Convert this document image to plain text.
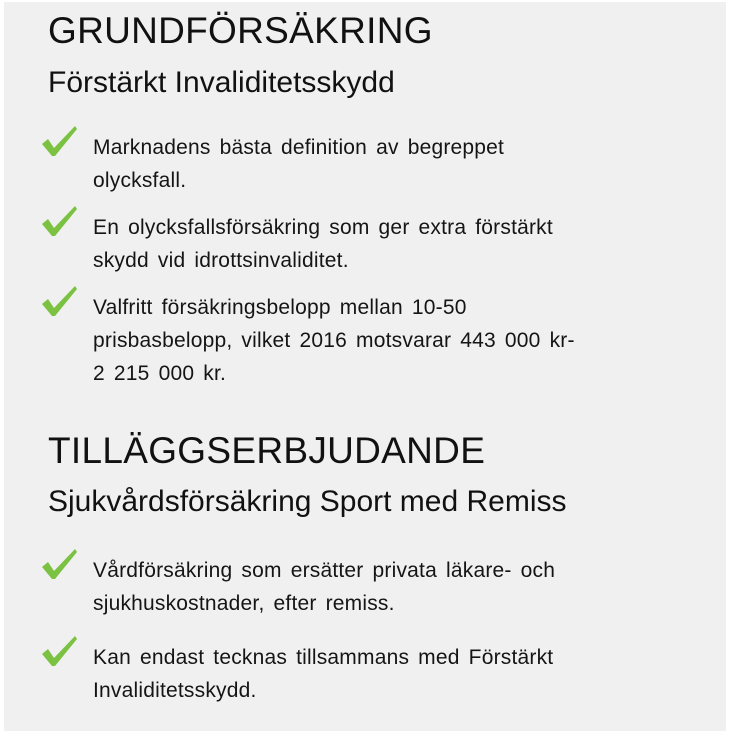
GRUNDFÖRSÄKRING
Förstärkt Invaliditetsskydd

Marknadens bästa definition av begreppet
olycksfall.

En olycksfallsförsäkring som ger extra förstärkt
skydd vid idrottsinvaliditet.

Valfritt försäkringsbelopp mellan 10-50
prisbasbelopp, vilket 2016 motsvarar 443 000 kr-
2 215 000 kr.

TILLÄGGSERBJUDANDE
Sjukvårdsförsäkring Sport med Remiss

Vårdförsäkring som ersätter privata läkare- och
sjukhuskostnader, efter remiss.

Kan endast tecknas tillsammans med Förstärkt
Invaliditetsskydd.
